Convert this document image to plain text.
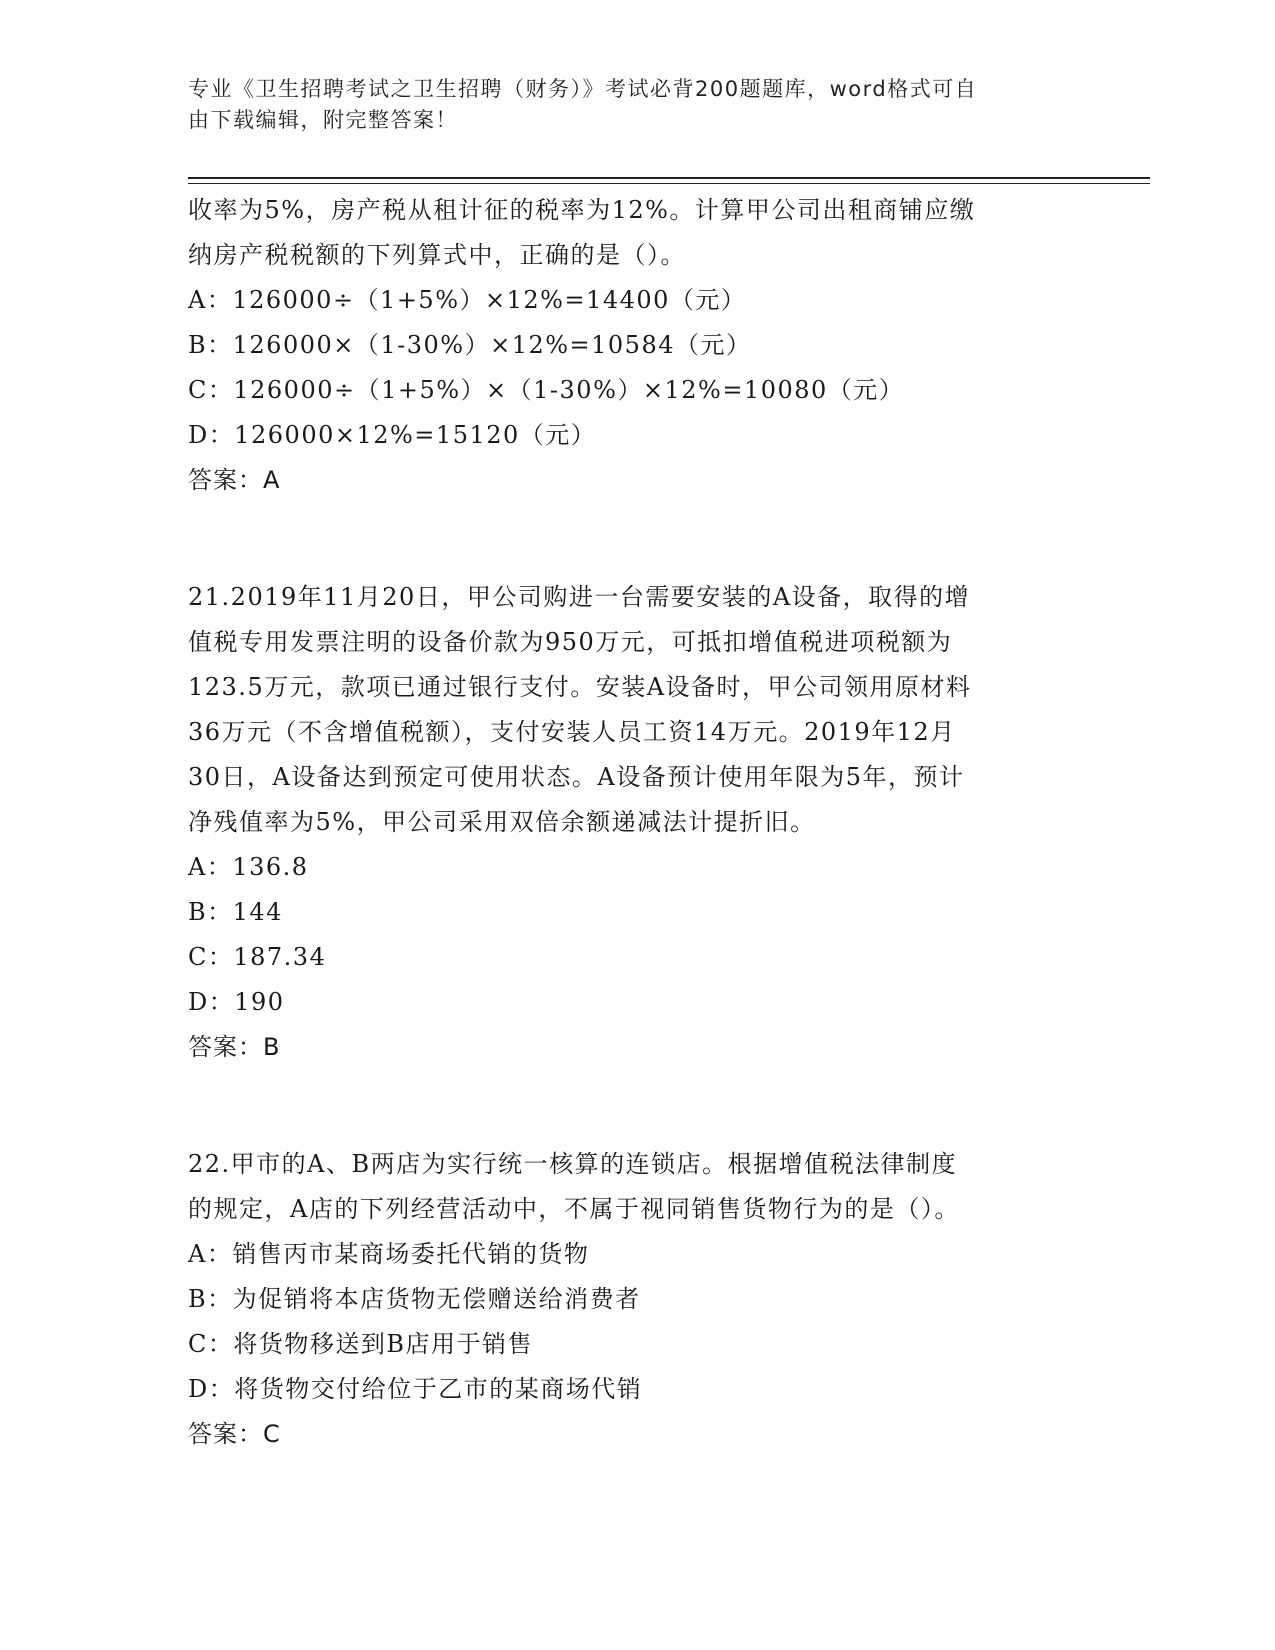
专业《卫生招聘考试之卫生招聘（财务）》考试必背200题题库，word格式可自
由下载编辑，附完整答案！
收率为5%，房产税从租计征的税率为12%。计算甲公司出租商铺应缴
纳房产税税额的下列算式中，正确的是（）。
A：126000÷（1+5%）×12%=14400（元）
B：126000×（1-30%）×12%=10584（元）
C：126000÷（1+5%）×（1-30%）×12%=10080（元）
D：126000×12%=15120（元）
答案：A
21.2019年11月20日，甲公司购进一台需要安装的A设备，取得的增
值税专用发票注明的设备价款为950万元，可抵扣增值税进项税额为
123.5万元，款项已通过银行支付。安装A设备时，甲公司领用原材料
36万元（不含增值税额），支付安装人员工资14万元。2019年12月
30日，A设备达到预定可使用状态。A设备预计使用年限为5年，预计
净残值率为5%，甲公司采用双倍余额递减法计提折旧。
A：136.8
B：144
C：187.34
D：190
答案：B
22.甲市的A、B两店为实行统一核算的连锁店。根据增值税法律制度
的规定，A店的下列经营活动中，不属于视同销售货物行为的是（）。
A：销售丙市某商场委托代销的货物
B：为促销将本店货物无偿赠送给消费者
C：将货物移送到B店用于销售
D：将货物交付给位于乙市的某商场代销
答案：C
